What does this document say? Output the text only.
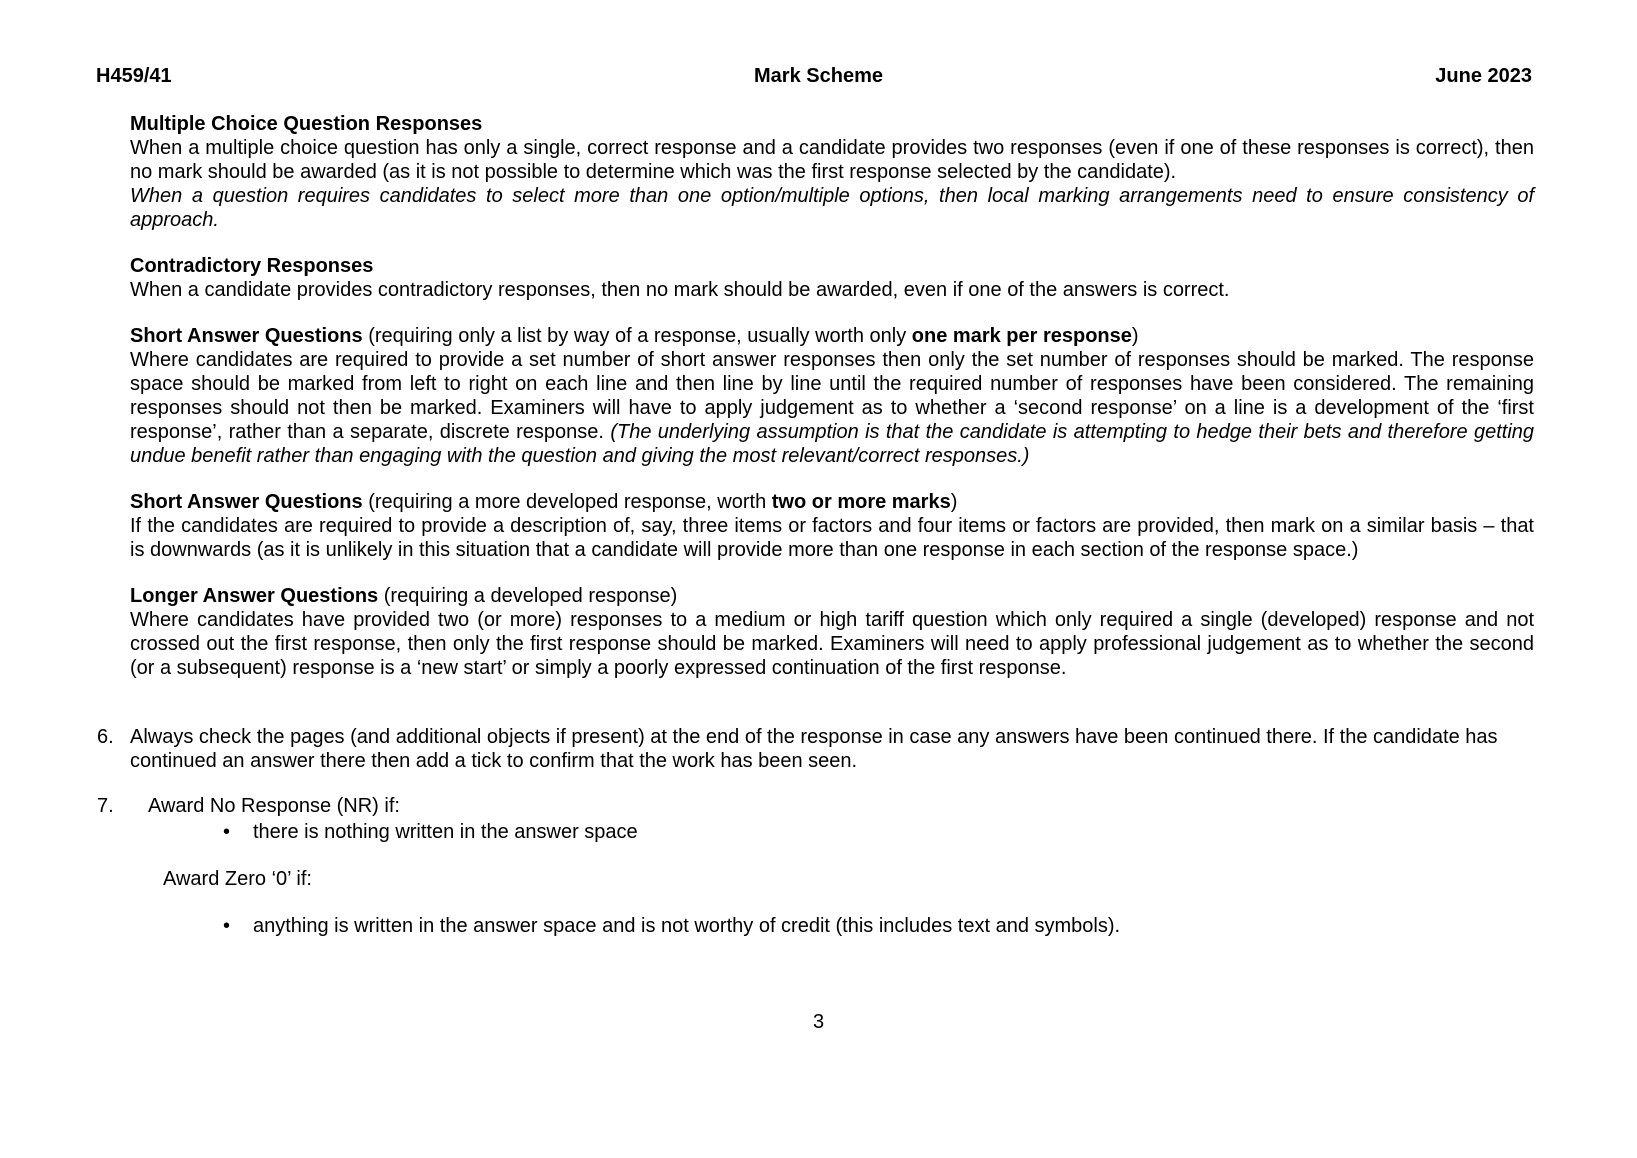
H459/41	Mark Scheme	June 2023
Multiple Choice Question Responses
When a multiple choice question has only a single, correct response and a candidate provides two responses (even if one of these responses is correct), then no mark should be awarded (as it is not possible to determine which was the first response selected by the candidate).
When a question requires candidates to select more than one option/multiple options, then local marking arrangements need to ensure consistency of approach.
Contradictory Responses
When a candidate provides contradictory responses, then no mark should be awarded, even if one of the answers is correct.
Short Answer Questions (requiring only a list by way of a response, usually worth only one mark per response)
Where candidates are required to provide a set number of short answer responses then only the set number of responses should be marked. The response space should be marked from left to right on each line and then line by line until the required number of responses have been considered. The remaining responses should not then be marked. Examiners will have to apply judgement as to whether a ‘second response’ on a line is a development of the ‘first response’, rather than a separate, discrete response. (The underlying assumption is that the candidate is attempting to hedge their bets and therefore getting undue benefit rather than engaging with the question and giving the most relevant/correct responses.)
Short Answer Questions (requiring a more developed response, worth two or more marks)
If the candidates are required to provide a description of, say, three items or factors and four items or factors are provided, then mark on a similar basis – that is downwards (as it is unlikely in this situation that a candidate will provide more than one response in each section of the response space.)
Longer Answer Questions (requiring a developed response)
Where candidates have provided two (or more) responses to a medium or high tariff question which only required a single (developed) response and not crossed out the first response, then only the first response should be marked. Examiners will need to apply professional judgement as to whether the second (or a subsequent) response is a ‘new start’ or simply a poorly expressed continuation of the first response.
6. Always check the pages (and additional objects if present) at the end of the response in case any answers have been continued there. If the candidate has continued an answer there then add a tick to confirm that the work has been seen.
7.	Award No Response (NR) if:
•	there is nothing written in the answer space
Award Zero ‘0’ if:
•	anything is written in the answer space and is not worthy of credit (this includes text and symbols).
3
